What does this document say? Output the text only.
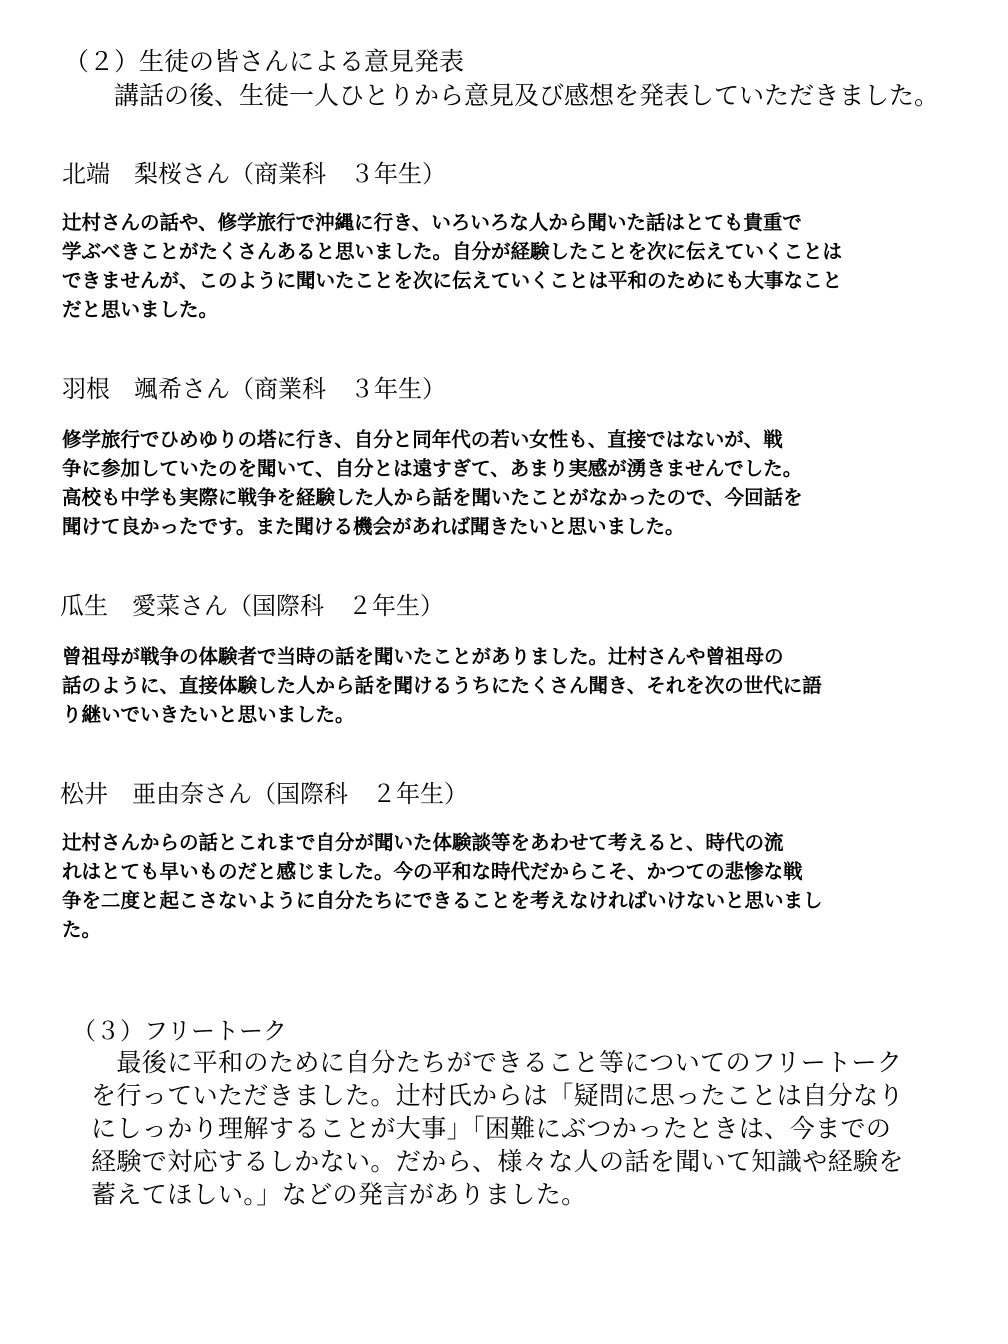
（２）生徒の皆さんによる意見発表

講話の後、生徒一人ひとりから意見及び感想を発表していただきました。

北端　梨桜さん（商業科　３年生）

辻村さんの話や、修学旅行で沖縄に行き、いろいろな人から聞いた話はとても貴重で

学ぶべきことがたくさんあると思いました。自分が経験したことを次に伝えていくことは

できませんが、このように聞いたことを次に伝えていくことは平和のためにも大事なこと

だと思いました。

羽根　颯希さん（商業科　３年生）

修学旅行でひめゆりの塔に行き、自分と同年代の若い女性も、直接ではないが、戦

争に参加していたのを聞いて、自分とは遠すぎて、あまり実感が湧きませんでした。

高校も中学も実際に戦争を経験した人から話を聞いたことがなかったので、今回話を

聞けて良かったです。また聞ける機会があれば聞きたいと思いました。

瓜生　愛菜さん（国際科　２年生）

曾祖母が戦争の体験者で当時の話を聞いたことがありました。辻村さんや曾祖母の

話のように、直接体験した人から話を聞けるうちにたくさん聞き、それを次の世代に語

り継いでいきたいと思いました。

松井　亜由奈さん（国際科　２年生）

辻村さんからの話とこれまで自分が聞いた体験談等をあわせて考えると、時代の流

れはとても早いものだと感じました。今の平和な時代だからこそ、かつての悲惨な戦

争を二度と起こさないように自分たちにできることを考えなければいけないと思いまし

た。

（３）フリートーク

　最後に平和のために自分たちができること等についてのフリートーク

を行っていただきました。辻村氏からは「疑問に思ったことは自分なり

にしっかり理解することが大事」「困難にぶつかったときは、今までの

経験で対応するしかない。だから、様々な人の話を聞いて知識や経験を

蓄えてほしい。」などの発言がありました。
